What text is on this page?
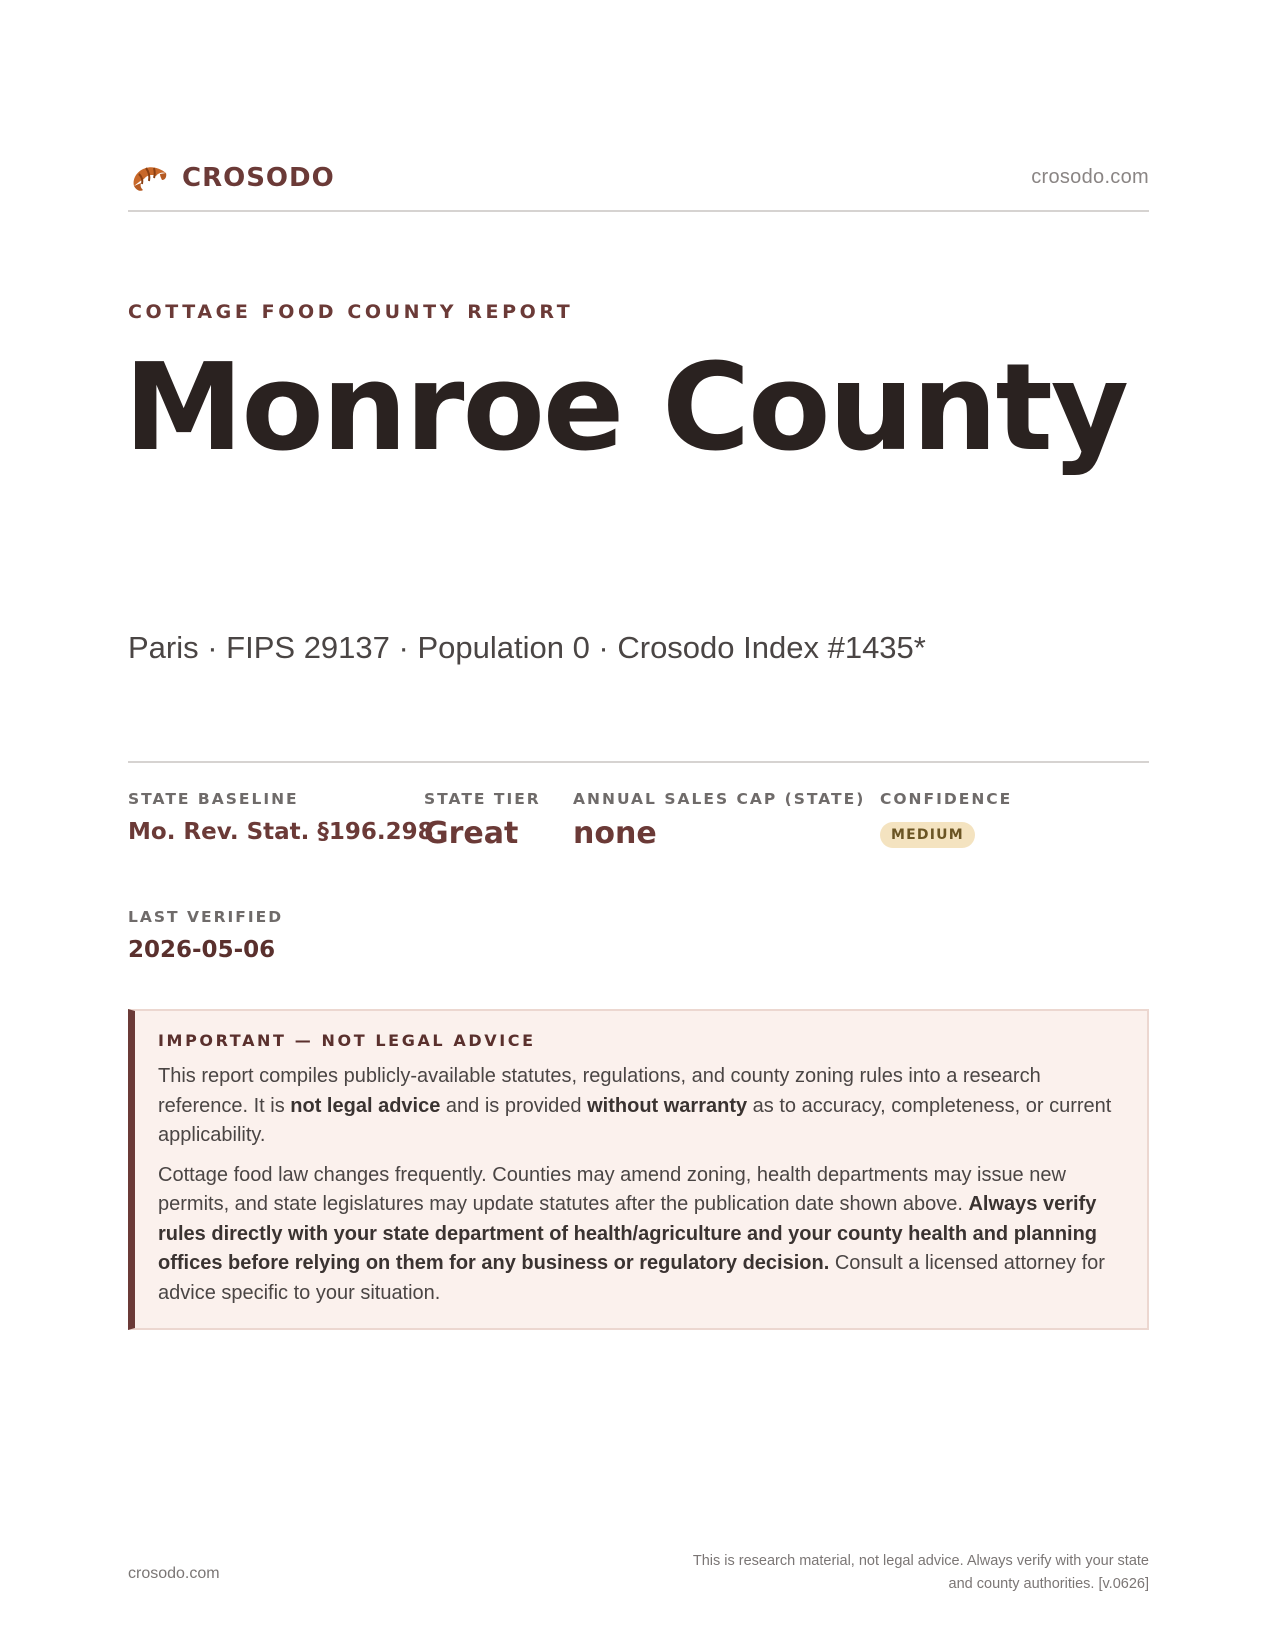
CROSODO	crosodo.com
COTTAGE FOOD COUNTY REPORT
Monroe County
Paris · FIPS 29137 · Population 0 · Crosodo Index #1435*
STATE BASELINE
Mo. Rev. Stat. §196.298
STATE TIER
Great
ANNUAL SALES CAP (STATE)
none
CONFIDENCE
MEDIUM
LAST VERIFIED
2026-05-06
IMPORTANT — NOT LEGAL ADVICE

This report compiles publicly-available statutes, regulations, and county zoning rules into a research reference. It is not legal advice and is provided without warranty as to accuracy, completeness, or current applicability.

Cottage food law changes frequently. Counties may amend zoning, health departments may issue new permits, and state legislatures may update statutes after the publication date shown above. Always verify rules directly with your state department of health/agriculture and your county health and planning offices before relying on them for any business or regulatory decision. Consult a licensed attorney for advice specific to your situation.

crosodo.com
This is research material, not legal advice. Always verify with your state
and county authorities. [v.0626]
